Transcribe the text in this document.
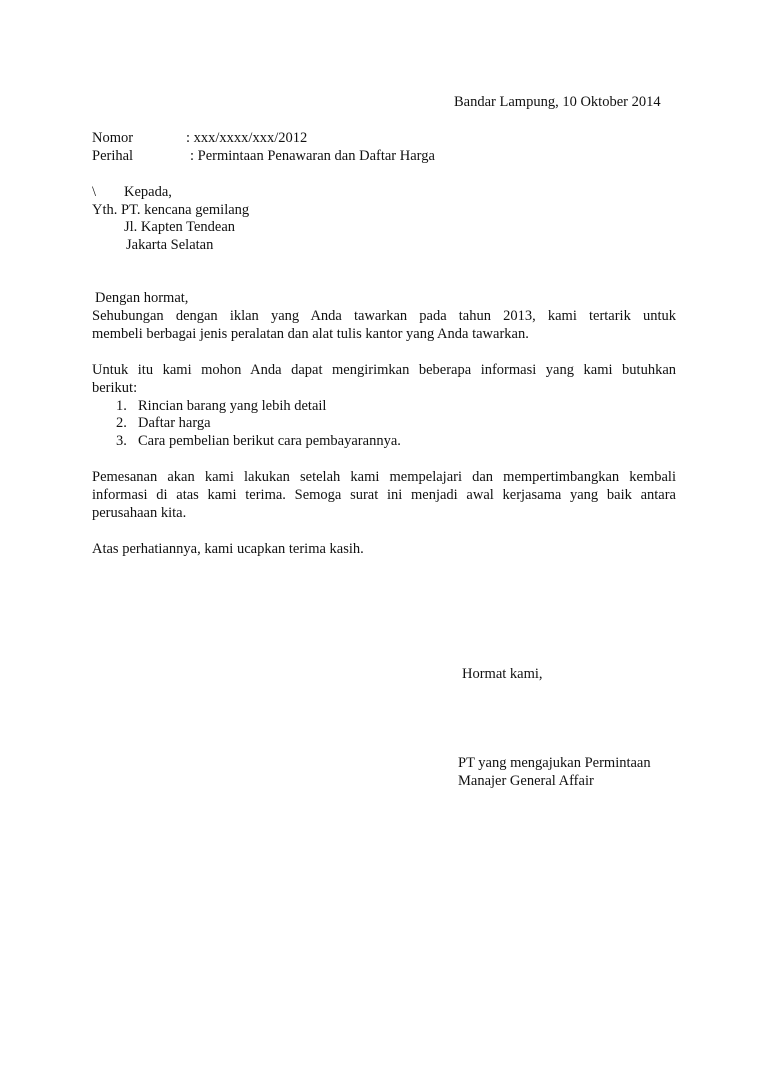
Bandar Lampung, 10 Oktober 2014
Nomor	: xxx/xxxx/xxx/2012
Perihal	: Permintaan Penawaran dan Daftar Harga
\ Kepada,
Yth. PT. kencana gemilang
Jl. Kapten Tendean
Jakarta Selatan
Dengan hormat,
Sehubungan dengan iklan yang Anda tawarkan pada tahun 2013, kami tertarik untuk
membeli berbagai jenis peralatan dan alat tulis kantor yang Anda tawarkan.
Untuk itu kami mohon Anda dapat mengirimkan beberapa informasi yang kami butuhkan
berikut:
1. Rincian barang yang lebih detail
2. Daftar harga
3. Cara pembelian berikut cara pembayarannya.
Pemesanan akan kami lakukan setelah kami mempelajari dan mempertimbangkan kembali
informasi di atas kami terima. Semoga surat ini menjadi awal kerjasama yang baik antara
perusahaan kita.
Atas perhatiannya, kami ucapkan terima kasih.
Hormat kami,
PT yang mengajukan Permintaan
Manajer General Affair
